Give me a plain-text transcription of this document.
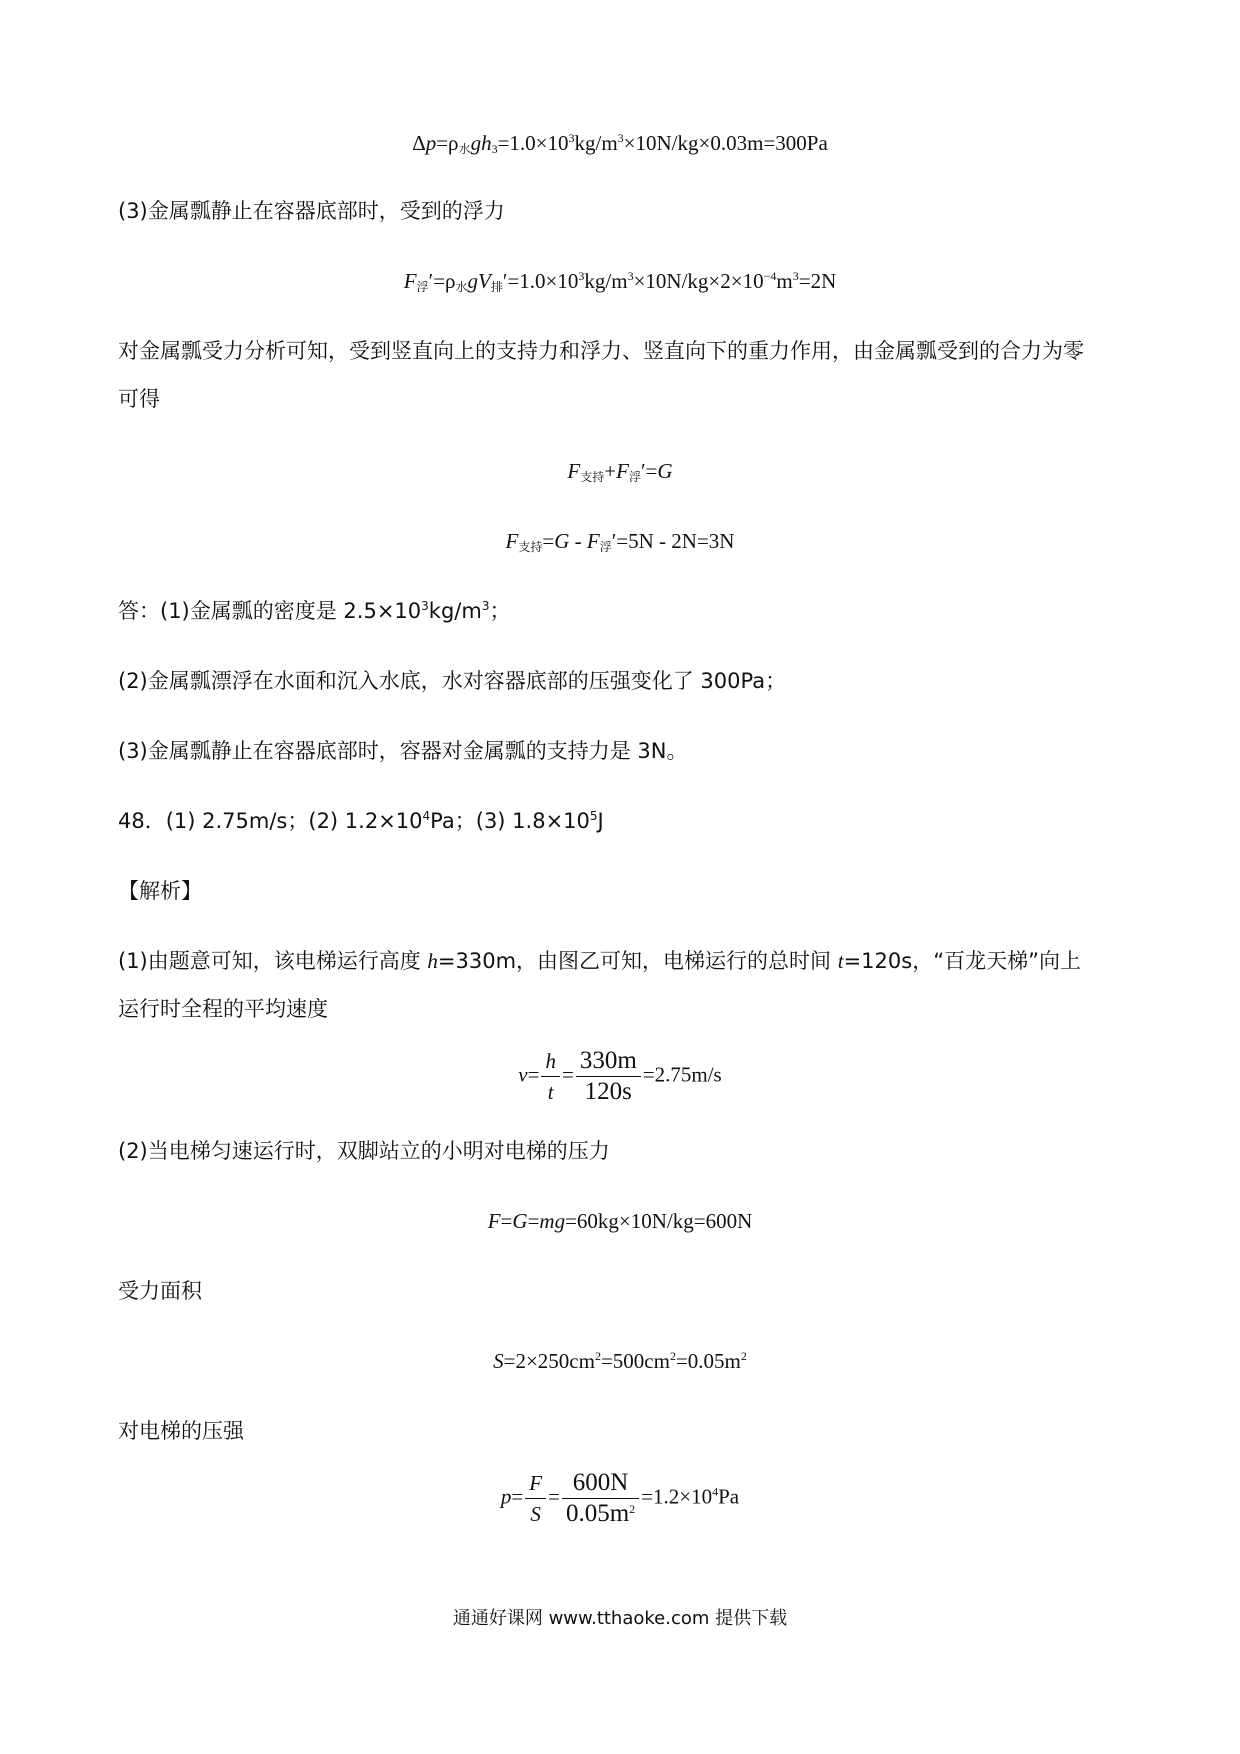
$\Delta p=\rho_水gh_3=1.0\times 10^3kg/m^3\times 10N/kg\times 0.03m=300Pa$
(3)金属瓢静止在容器底部时，受到的浮力
$F_浮'=\rho_水gV_排'=1.0\times 10^3kg/m^3\times 10N/kg\times 2\times 10^{-4}m^3=2N$
对金属瓢受力分析可知，受到竖直向上的支持力和浮力、竖直向下的重力作用，由金属瓢受到的合力为零
可得
$F_{支持}+F_浮'=G$
$F_{支持}=G - F_浮'=5N - 2N=3N$
答：(1)金属瓢的密度是 $2.5\times 10^3kg/m^3$；
(2)金属瓢漂浮在水面和沉入水底，水对容器底部的压强变化了 300Pa；
(3)金属瓢静止在容器底部时，容器对金属瓢的支持力是 3N。
48．(1) 2.75m/s；(2) $1.2\times 10^4Pa$；(3) $1.8\times 10^5J$
【解析】
(1)由题意可知，该电梯运行高度 h=330m，由图乙可知，电梯运行的总时间 t=120s，“百龙天梯”向上
运行时全程的平均速度
$v= \frac{h}{t} = \frac{330m}{120s} =2.75m/s$
(2)当电梯匀速运行时，双脚站立的小明对电梯的压力
F=G=mg=60kg×10N/kg=600N
受力面积
$S=2\times 250cm^2=500cm^2=0.05m^2$
对电梯的压强
$p= \frac{F}{S} = \frac{600N}{0.05m^2} =1.2\times 10^4Pa$
通通好课网 www.tthaoke.com 提供下载
